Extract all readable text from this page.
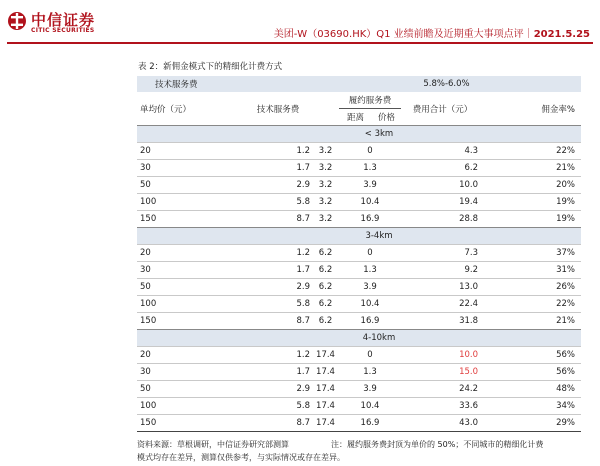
中信证券
CITIC SECURITIES	美团-W（03690.HK）Q1 业绩前瞻及近期重大事项点评｜2021.5.25
表 2：新佣金模式下的精细化计费方式
技术服务费		5.8%-6.0%				
单均价（元）	技术服务费		履约服务费		费用合计（元）	佣金率%
			距离	价格		
< 3km						
20	1.2	3.2	0		4.3	22%
30	1.7	3.2	1.3		6.2	21%
50	2.9	3.2	3.9		10.0	20%
100	5.8	3.2	10.4		19.4	19%
150	8.7	3.2	16.9		28.8	19%
3-4km						
20	1.2	6.2	0		7.3	37%
30	1.7	6.2	1.3		9.2	31%
50	2.9	6.2	3.9		13.0	26%
100	5.8	6.2	10.4		22.4	22%
150	8.7	6.2	16.9		31.8	21%
4-10km						
20	1.2	17.4	0		10.0	56%
30	1.7	17.4	1.3		15.0	56%
50	2.9	17.4	3.9		24.2	48%
100	5.8	17.4	10.4		33.6	34%
150	8.7	17.4	16.9		43.0	29%
资料来源：草根调研，中信证券研究部测算	注：履约服务费封顶为单价的 50%；不同城市的精细化计费
模式均存在差异，测算仅供参考，与实际情况或存在差异。
